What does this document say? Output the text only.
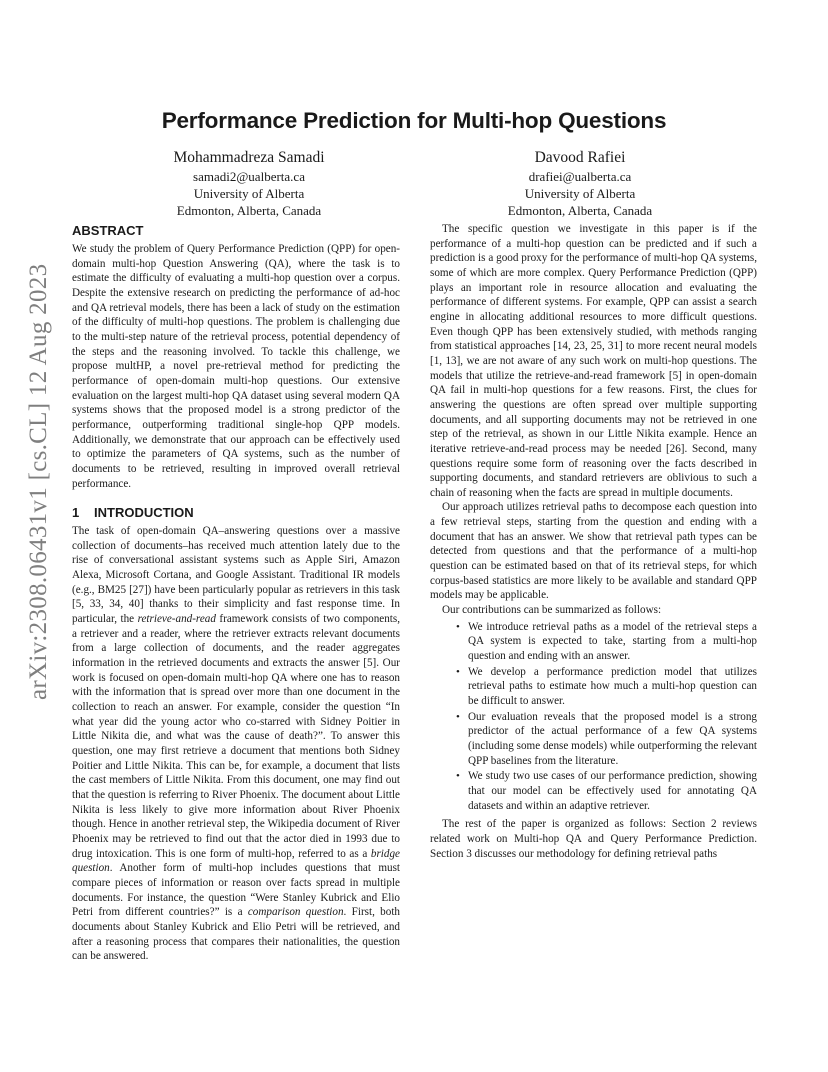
arXiv:2308.06431v1 [cs.CL] 12 Aug 2023
Performance Prediction for Multi-hop Questions
Mohammadreza Samadi
samadi2@ualberta.ca
University of Alberta
Edmonton, Alberta, Canada
Davood Rafiei
drafiei@ualberta.ca
University of Alberta
Edmonton, Alberta, Canada
ABSTRACT

We study the problem of Query Performance Prediction (QPP) for open-domain multi-hop Question Answering (QA), where the task is to estimate the difficulty of evaluating a multi-hop question over a corpus. Despite the extensive research on predicting the performance of ad-hoc and QA retrieval models, there has been a lack of study on the estimation of the difficulty of multi-hop questions. The problem is challenging due to the multi-step nature of the retrieval process, potential dependency of the steps and the reasoning involved. To tackle this challenge, we propose multHP, a novel pre-retrieval method for predicting the performance of open-domain multi-hop questions. Our extensive evaluation on the largest multi-hop QA dataset using several modern QA systems shows that the proposed model is a strong predictor of the performance, outperforming traditional single-hop QPP models. Additionally, we demonstrate that our approach can be effectively used to optimize the parameters of QA systems, such as the number of documents to be retrieved, resulting in improved overall retrieval performance.

1 INTRODUCTION

The task of open-domain QA–answering questions over a massive collection of documents–has received much attention lately due to the rise of conversational assistant systems such as Apple Siri, Amazon Alexa, Microsoft Cortana, and Google Assistant. Traditional IR models (e.g., BM25 [27]) have been particularly popular as retrievers in this task [5, 33, 34, 40] thanks to their simplicity and fast response time. In particular, the retrieve-and-read framework consists of two components, a retriever and a reader, where the retriever extracts relevant documents from a large collection of documents, and the reader aggregates information in the retrieved documents and extracts the answer [5]. Our work is focused on open-domain multi-hop QA where one has to reason with the information that is spread over more than one document in the collection to reach an answer. For example, consider the question “In what year did the young actor who co-starred with Sidney Poitier in Little Nikita die, and what was the cause of death?”. To answer this question, one may first retrieve a document that mentions both Sidney Poitier and Little Nikita. This can be, for example, a document that lists the cast members of Little Nikita. From this document, one may find out that the question is referring to River Phoenix. The document about Little Nikita is less likely to give more information about River Phoenix though. Hence in another retrieval step, the Wikipedia document of River Phoenix may be retrieved to find out that the actor died in 1993 due to drug intoxication. This is one form of multi-hop, referred to as a bridge question. Another form of multi-hop includes questions that must compare pieces of information or reason over facts spread in multiple documents. For instance, the question “Were Stanley Kubrick and Elio Petri from different countries?” is a comparison question. First, both documents about Stanley Kubrick and Elio Petri will be retrieved, and after a reasoning process that compares their nationalities, the question can be answered.

The specific question we investigate in this paper is if the performance of a multi-hop question can be predicted and if such a prediction is a good proxy for the performance of multi-hop QA systems, some of which are more complex. Query Performance Prediction (QPP) plays an important role in resource allocation and evaluating the performance of different systems. For example, QPP can assist a search engine in allocating additional resources to more difficult questions. Even though QPP has been extensively studied, with methods ranging from statistical approaches [14, 23, 25, 31] to more recent neural models [1, 13], we are not aware of any such work on multi-hop questions. The models that utilize the retrieve-and-read framework [5] in open-domain QA fail in multi-hop questions for a few reasons. First, the clues for answering the questions are often spread over multiple supporting documents, and all supporting documents may not be retrieved in one step of the retrieval, as shown in our Little Nikita example. Hence an iterative retrieve-and-read process may be needed [26]. Second, many questions require some form of reasoning over the facts described in supporting documents, and standard retrievers are oblivious to such a chain of reasoning when the facts are spread in multiple documents.

Our approach utilizes retrieval paths to decompose each question into a few retrieval steps, starting from the question and ending with a document that has an answer. We show that retrieval path types can be detected from questions and that the performance of a multi-hop question can be estimated based on that of its retrieval steps, for which corpus-based statistics are more likely to be available and standard QPP models may be applicable.

Our contributions can be summarized as follows:

• We introduce retrieval paths as a model of the retrieval steps a QA system is expected to take, starting from a multi-hop question and ending with an answer.
• We develop a performance prediction model that utilizes retrieval paths to estimate how much a multi-hop question can be difficult to answer.
• Our evaluation reveals that the proposed model is a strong predictor of the actual performance of a few QA systems (including some dense models) while outperforming the relevant QPP baselines from the literature.
• We study two use cases of our performance prediction, showing that our model can be effectively used for annotating QA datasets and within an adaptive retriever.

The rest of the paper is organized as follows: Section 2 reviews related work on Multi-hop QA and Query Performance Prediction. Section 3 discusses our methodology for defining retrieval paths
